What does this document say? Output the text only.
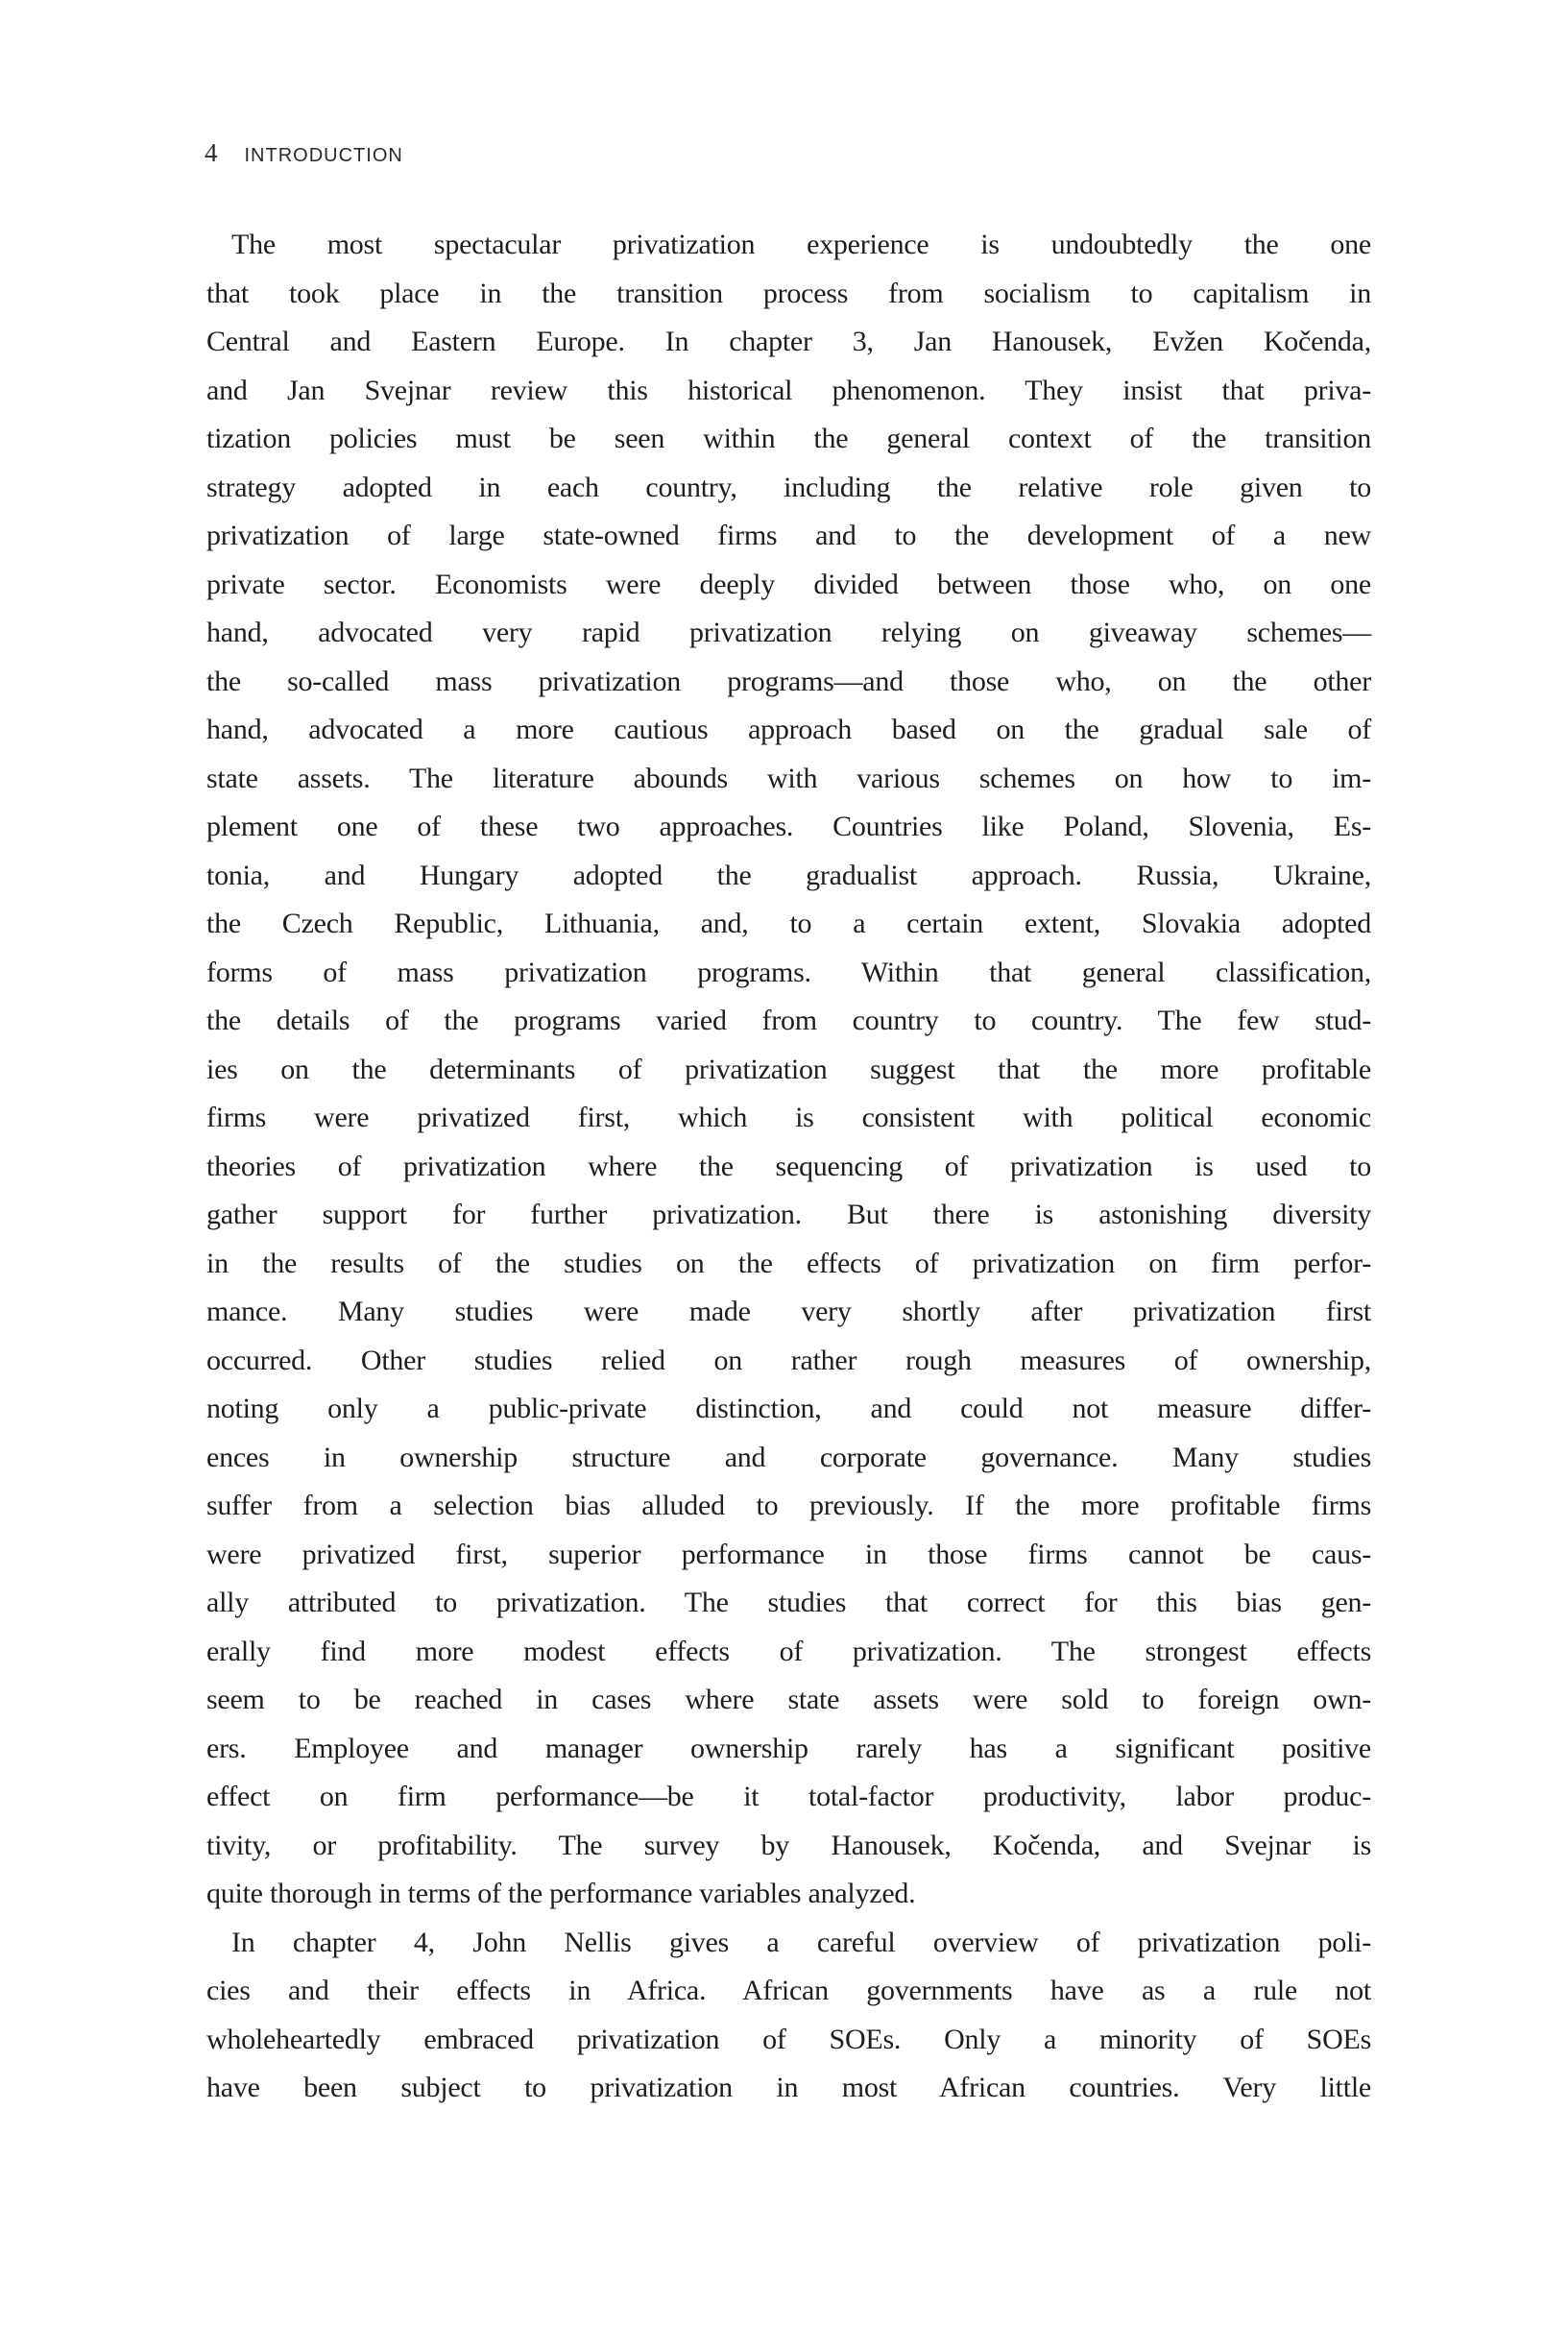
4 INTRODUCTION
The most spectacular privatization experience is undoubtedly the one
that took place in the transition process from socialism to capitalism in
Central and Eastern Europe. In chapter 3, Jan Hanousek, Evžen Kočenda,
and Jan Svejnar review this historical phenomenon. They insist that priva-
tization policies must be seen within the general context of the transition
strategy adopted in each country, including the relative role given to
privatization of large state-owned firms and to the development of a new
private sector. Economists were deeply divided between those who, on one
hand, advocated very rapid privatization relying on giveaway schemes—
the so-called mass privatization programs—and those who, on the other
hand, advocated a more cautious approach based on the gradual sale of
state assets. The literature abounds with various schemes on how to im-
plement one of these two approaches. Countries like Poland, Slovenia, Es-
tonia, and Hungary adopted the gradualist approach. Russia, Ukraine,
the Czech Republic, Lithuania, and, to a certain extent, Slovakia adopted
forms of mass privatization programs. Within that general classification,
the details of the programs varied from country to country. The few stud-
ies on the determinants of privatization suggest that the more profitable
firms were privatized first, which is consistent with political economic
theories of privatization where the sequencing of privatization is used to
gather support for further privatization. But there is astonishing diversity
in the results of the studies on the effects of privatization on firm perfor-
mance. Many studies were made very shortly after privatization first
occurred. Other studies relied on rather rough measures of ownership,
noting only a public-private distinction, and could not measure differ-
ences in ownership structure and corporate governance. Many studies
suffer from a selection bias alluded to previously. If the more profitable firms
were privatized first, superior performance in those firms cannot be caus-
ally attributed to privatization. The studies that correct for this bias gen-
erally find more modest effects of privatization. The strongest effects
seem to be reached in cases where state assets were sold to foreign own-
ers. Employee and manager ownership rarely has a significant positive
effect on firm performance—be it total-factor productivity, labor produc-
tivity, or profitability. The survey by Hanousek, Kočenda, and Svejnar is
quite thorough in terms of the performance variables analyzed.
In chapter 4, John Nellis gives a careful overview of privatization poli-
cies and their effects in Africa. African governments have as a rule not
wholeheartedly embraced privatization of SOEs. Only a minority of SOEs
have been subject to privatization in most African countries. Very little
